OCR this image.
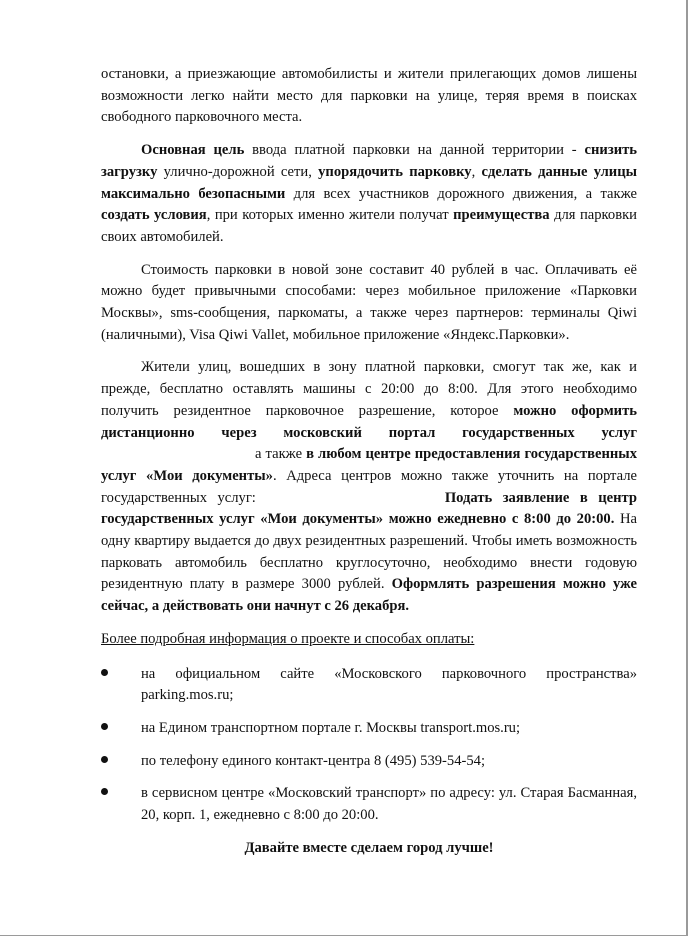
остановки, а приезжающие автомобилисты и жители прилегающих домов лишены возможности легко найти место для парковки на улице, теряя время в поисках свободного парковочного места.

Основная цель ввода платной парковки на данной территории - снизить загрузку улично-дорожной сети, упорядочить парковку, сделать данные улицы максимально безопасными для всех участников дорожного движения, а также создать условия, при которых именно жители получат преимущества для парковки своих автомобилей.

Стоимость парковки в новой зоне составит 40 рублей в час. Оплачивать её можно будет привычными способами: через мобильное приложение «Парковки Москвы», sms-сообщения, паркоматы, а также через партнеров: терминалы Qiwi (наличными), Visa Qiwi Vallet, мобильное приложение «Яндекс.Парковки».

Жители улиц, вошедших в зону платной парковки, смогут так же, как и прежде, бесплатно оставлять машины с 20:00 до 8:00. Для этого необходимо получить резидентное парковочное разрешение, которое можно оформить дистанционно через московский портал государственных услуг а также в любом центре предоставления государственных услуг «Мои документы». Адреса центров можно также уточнить на портале государственных услуг:	Подать заявление в центр государственных услуг «Мои документы» можно ежедневно с 8:00 до 20:00. На одну квартиру выдается до двух резидентных разрешений. Чтобы иметь возможность парковать автомобиль бесплатно круглосуточно, необходимо внести годовую резидентную плату в размере 3000 рублей. Оформлять разрешения можно уже сейчас, а действовать они начнут с 26 декабря.

Более подробная информация о проекте и способах оплаты:

на официальном сайте «Московского парковочного пространства» parking.mos.ru;
на Едином транспортном портале г. Москвы transport.mos.ru;
по телефону единого контакт-центра 8 (495) 539-54-54;
в сервисном центре «Московский транспорт» по адресу: ул. Старая Басманная, 20, корп. 1, ежедневно с 8:00 до 20:00.

Давайте вместе сделаем город лучше!
